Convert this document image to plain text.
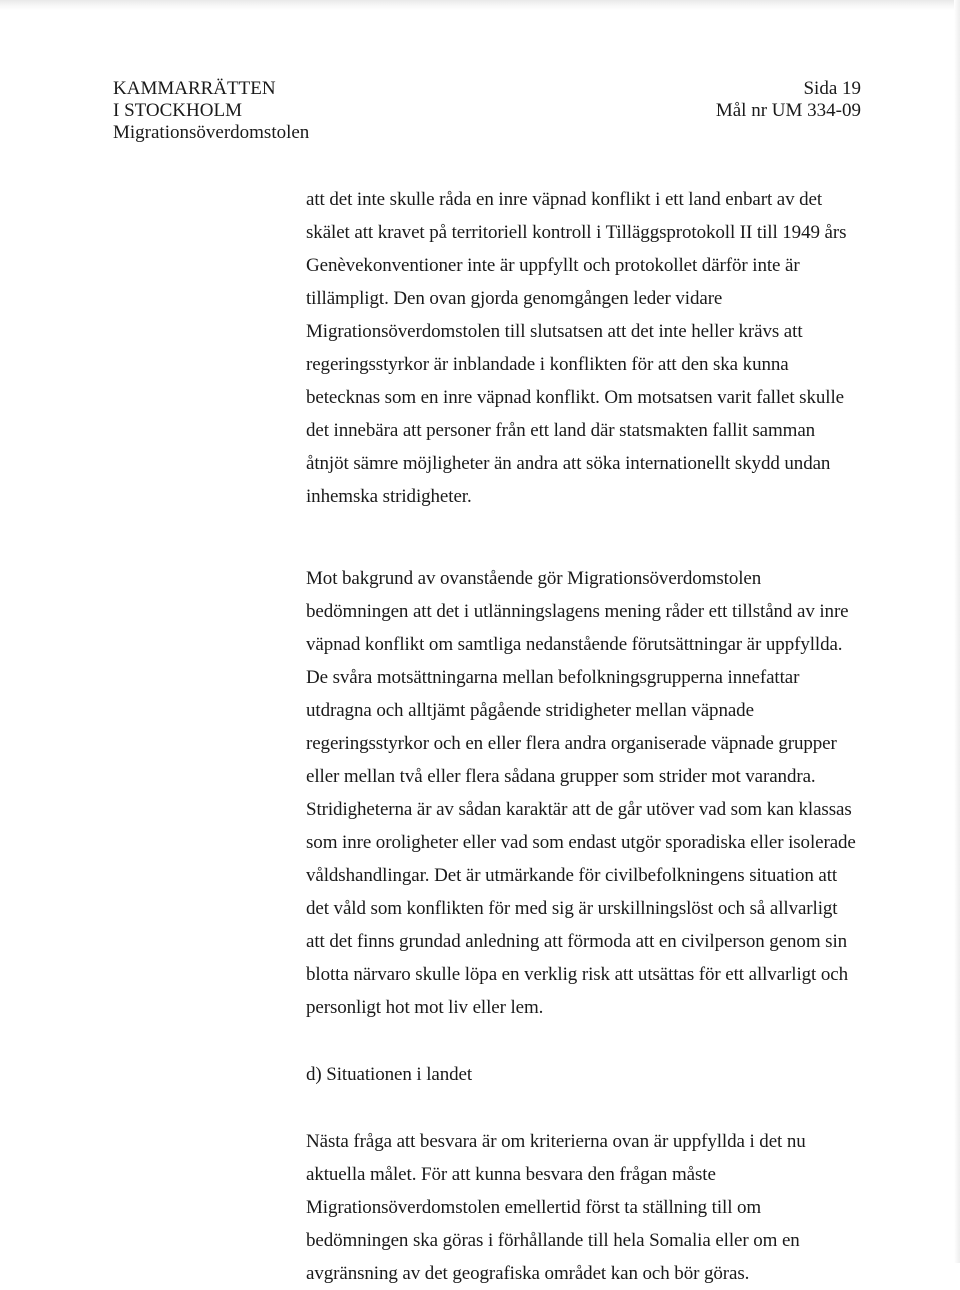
KAMMARRÄTTEN
I STOCKHOLM
Migrationsöverdomstolen
Sida 19
Mål nr UM 334-09

att det inte skulle råda en inre väpnad konflikt i ett land enbart av det
skälet att kravet på territoriell kontroll i Tilläggsprotokoll II till 1949 års
Genèvekonventioner inte är uppfyllt och protokollet därför inte är
tillämpligt. Den ovan gjorda genomgången leder vidare
Migrationsöverdomstolen till slutsatsen att det inte heller krävs att
regeringsstyrkor är inblandade i konflikten för att den ska kunna
betecknas som en inre väpnad konflikt. Om motsatsen varit fallet skulle
det innebära att personer från ett land där statsmakten fallit samman
åtnjöt sämre möjligheter än andra att söka internationellt skydd undan
inhemska stridigheter.

Mot bakgrund av ovanstående gör Migrationsöverdomstolen
bedömningen att det i utlänningslagens mening råder ett tillstånd av inre
väpnad konflikt om samtliga nedanstående förutsättningar är uppfyllda.
De svåra motsättningarna mellan befolkningsgrupperna innefattar
utdragna och alltjämt pågående stridigheter mellan väpnade
regeringsstyrkor och en eller flera andra organiserade väpnade grupper
eller mellan två eller flera sådana grupper som strider mot varandra.
Stridigheterna är av sådan karaktär att de går utöver vad som kan klassas
som inre oroligheter eller vad som endast utgör sporadiska eller isolerade
våldshandlingar. Det är utmärkande för civilbefolkningens situation att
det våld som konflikten för med sig är urskillningslöst och så allvarligt
att det finns grundad anledning att förmoda att en civilperson genom sin
blotta närvaro skulle löpa en verklig risk att utsättas för ett allvarligt och
personligt hot mot liv eller lem.

d) Situationen i landet

Nästa fråga att besvara är om kriterierna ovan är uppfyllda i det nu
aktuella målet. För att kunna besvara den frågan måste
Migrationsöverdomstolen emellertid först ta ställning till om
bedömningen ska göras i förhållande till hela Somalia eller om en
avgränsning av det geografiska området kan och bör göras.
